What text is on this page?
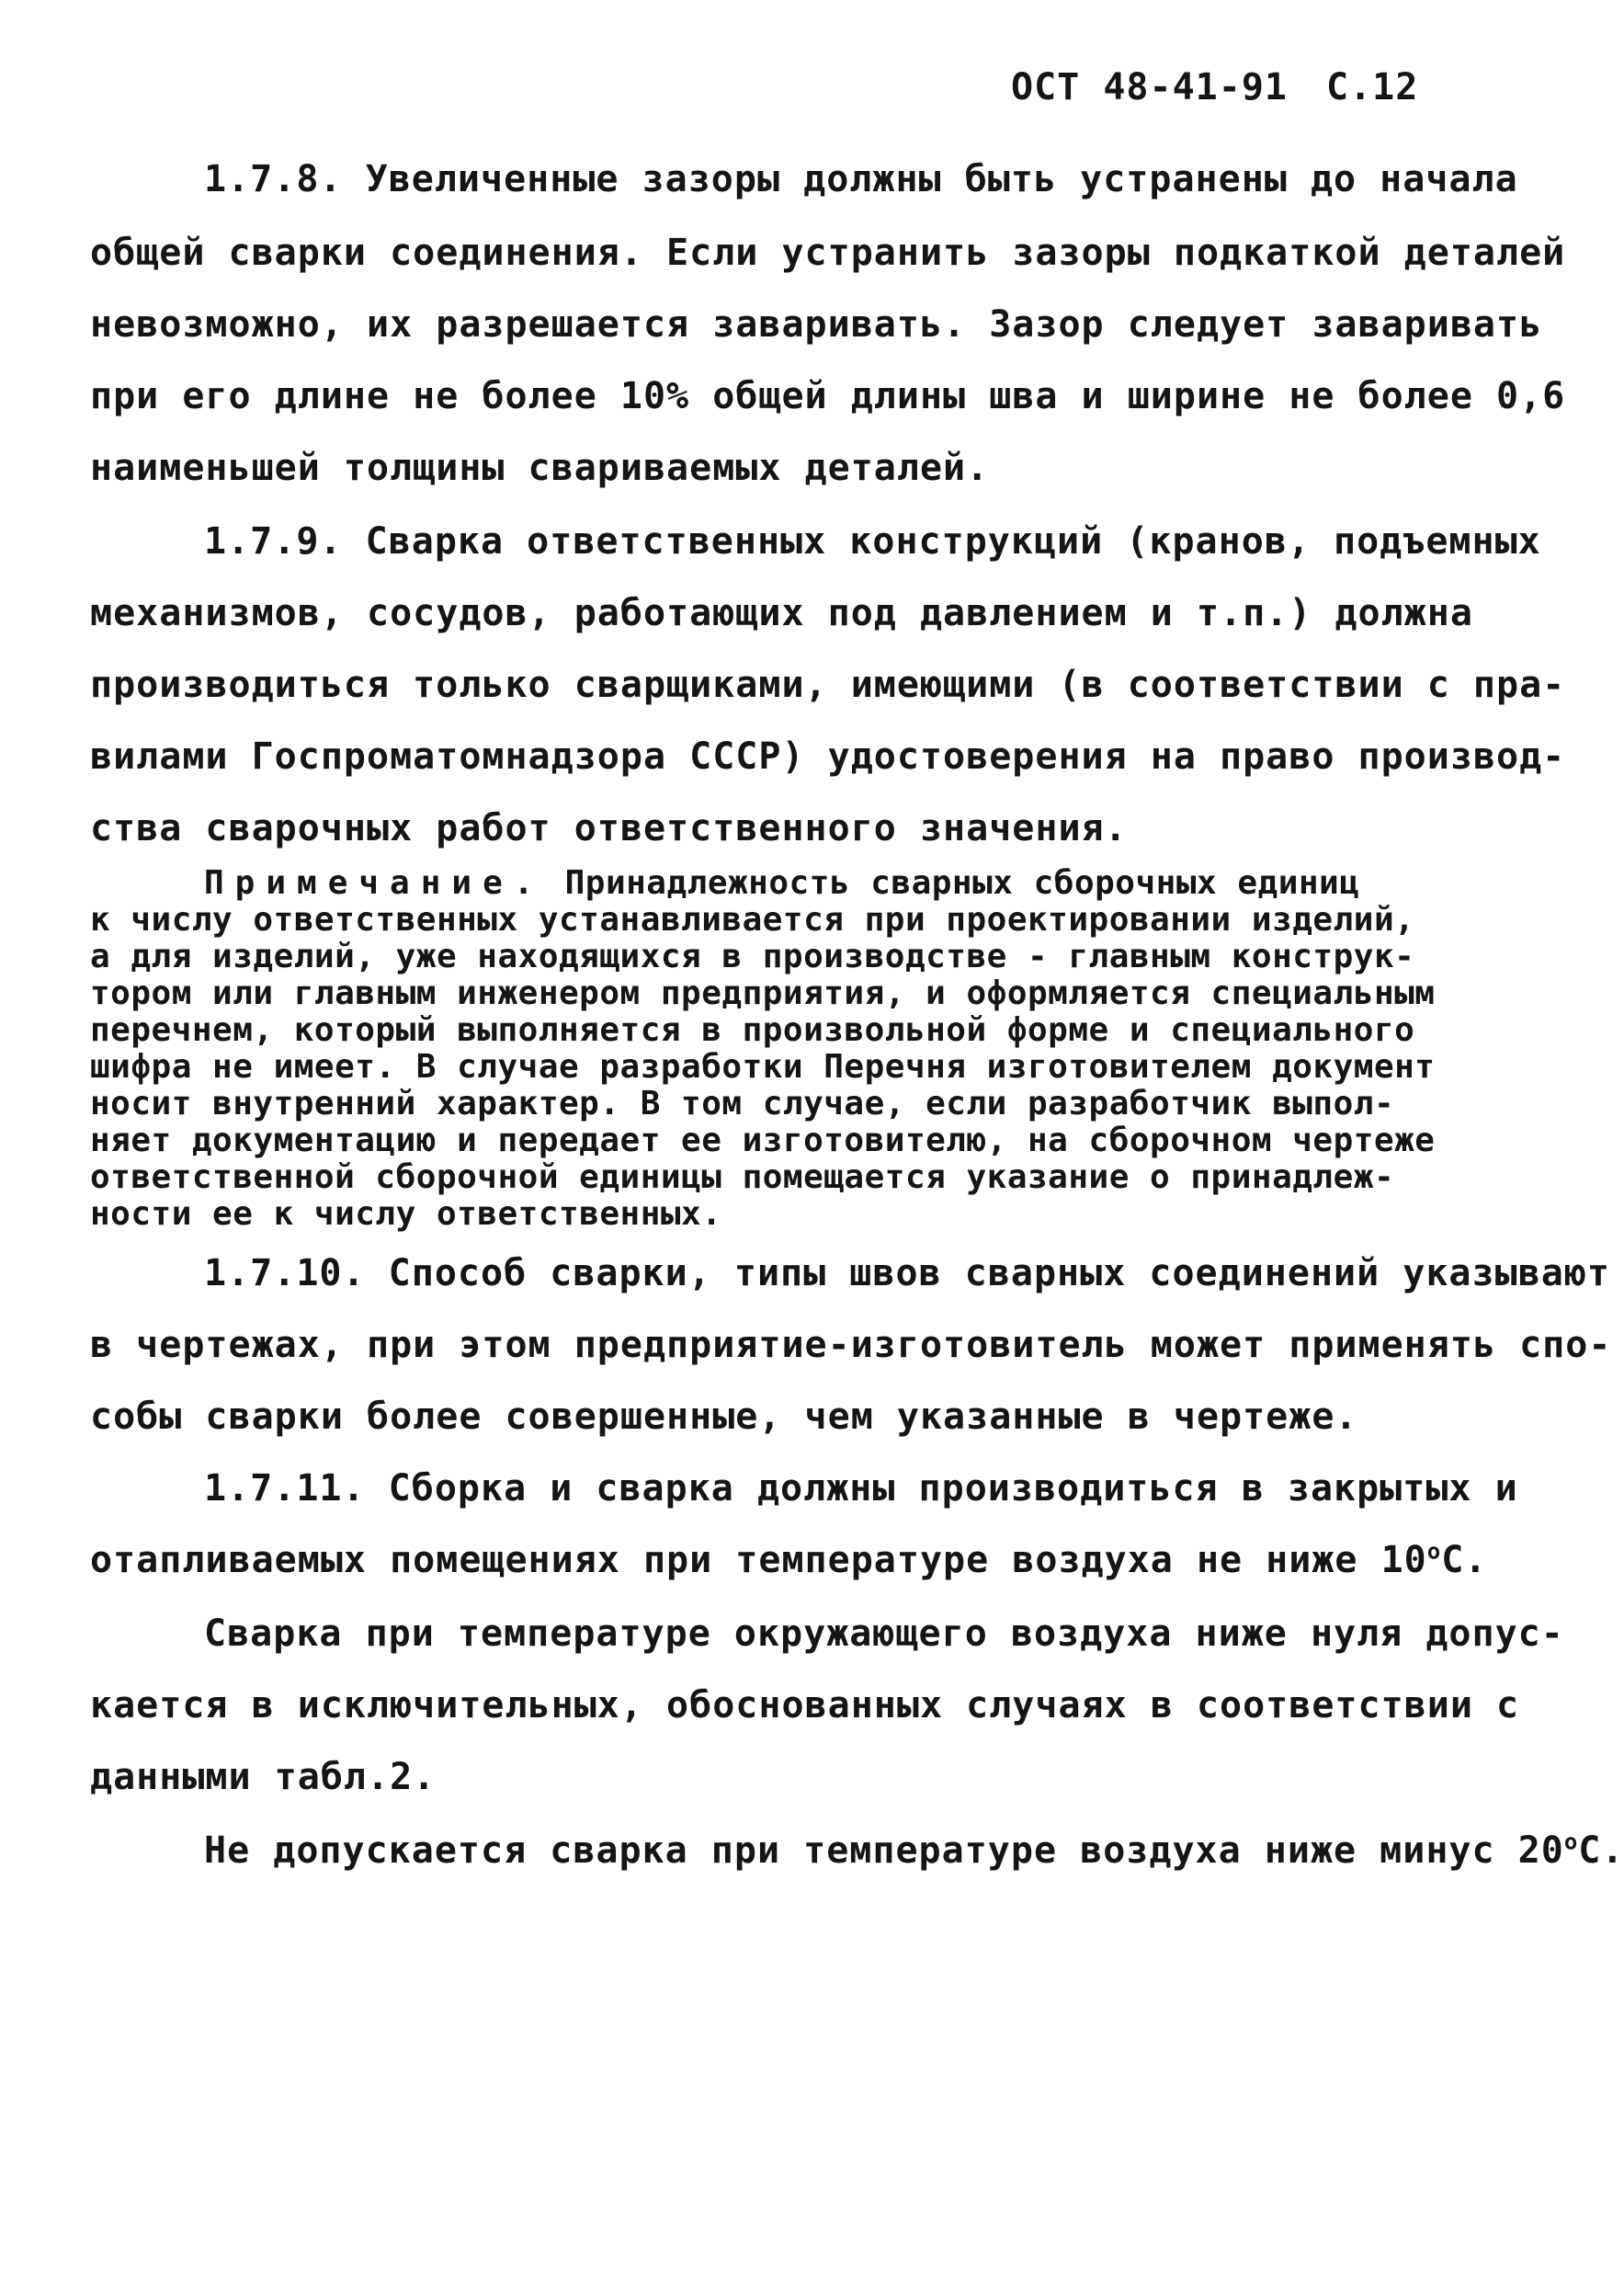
ОСТ 48-41-91 С.12
1.7.8. Увеличенные зазоры должны быть устранены до начала
общей сварки соединения. Если устранить зазоры подкаткой деталей
невозможно, их разрешается заваривать. Зазор следует заваривать
при его длине не более 10% общей длины шва и ширине не более 0,6
наименьшей толщины свариваемых деталей.
1.7.9. Сварка ответственных конструкций (кранов, подъемных
механизмов, сосудов, работающих под давлением и т.п.) должна
производиться только сварщиками, имеющими (в соответствии с пра-
вилами Госпроматомнадзора СССР) удостоверения на право производ-
ства сварочных работ ответственного значения.
Примечание. Принадлежность сварных сборочных единиц
к числу ответственных устанавливается при проектировании изделий,
а для изделий, уже находящихся в производстве - главным конструк-
тором или главным инженером предприятия, и оформляется специальным
перечнем, который выполняется в произвольной форме и специального
шифра не имеет. В случае разработки Перечня изготовителем документ
носит внутренний характер. В том случае, если разработчик выпол-
няет документацию и передает ее изготовителю, на сборочном чертеже
ответственной сборочной единицы помещается указание о принадлеж-
ности ее к числу ответственных.
1.7.10. Способ сварки, типы швов сварных соединений указывают
в чертежах, при этом предприятие-изготовитель может применять спо-
собы сварки более совершенные, чем указанные в чертеже.
1.7.11. Сборка и сварка должны производиться в закрытых и
отапливаемых помещениях при температуре воздуха не ниже $10^оС$.
Сварка при температуре окружающего воздуха ниже нуля допус-
кается в исключительных, обоснованных случаях в соответствии с
данными табл.2.
Не допускается сварка при температуре воздуха ниже минус $20^оС$.
